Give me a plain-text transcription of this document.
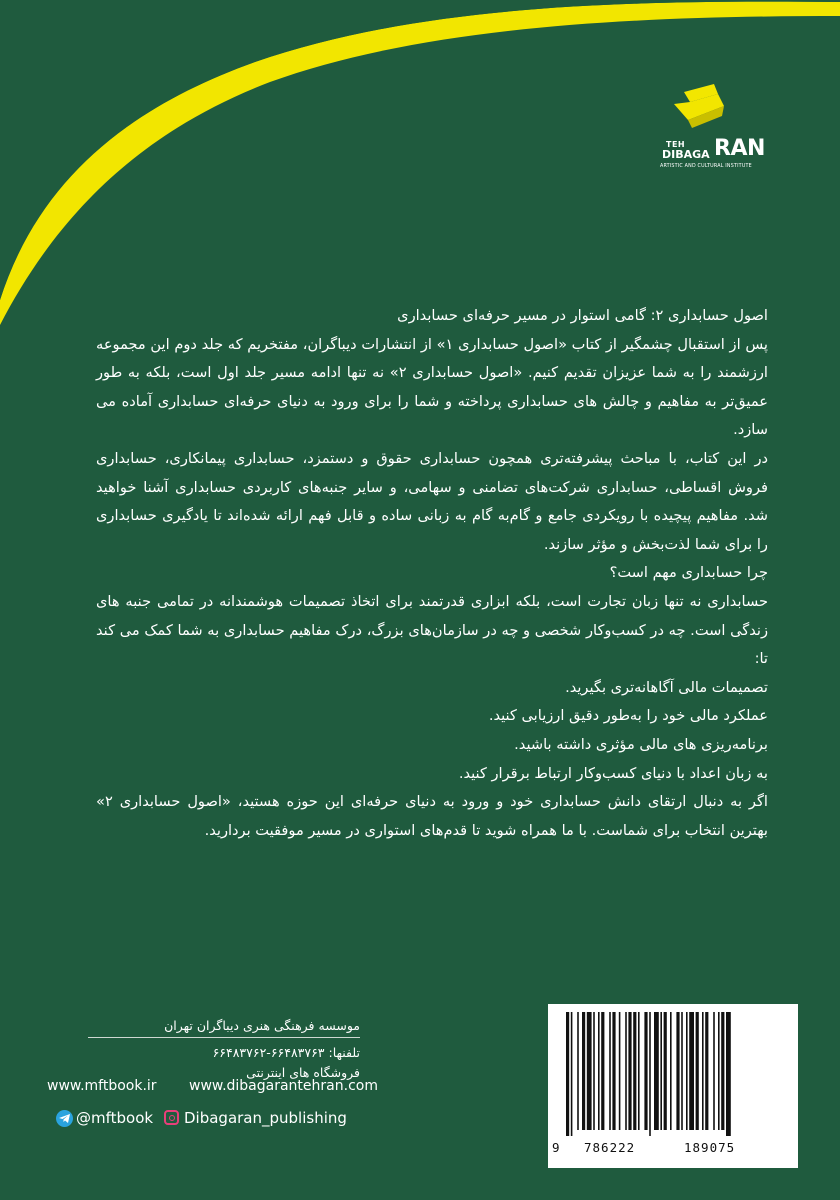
TEH
DIBAGA RAN
ARTISTIC AND CULTURAL INSTITUTE

اصول حسابداری ۲: گامی استوار در مسیر حرفه‌ای حسابداری

پس از استقبال چشمگیر از کتاب «اصول حسابداری ۱» از انتشارات دیباگران، مفتخریم که جلد دوم این مجموعه ارزشمند را به شما عزیزان تقدیم کنیم. «اصول حسابداری ۲» نه تنها ادامه مسیر جلد اول است، بلکه به طور عمیق‌تر به مفاهیم و چالش های حسابداری پرداخته و شما را برای ورود به دنیای حرفه‌ای حسابداری آماده می سازد.

در این کتاب، با مباحث پیشرفته‌تری همچون حسابداری حقوق و دستمزد، حسابداری پیمانکاری، حسابداری فروش اقساطی، حسابداری شرکت‌های تضامنی و سهامی، و سایر جنبه‌های کاربردی حسابداری آشنا خواهید شد. مفاهیم پیچیده با رویکردی جامع و گام‌به گام به زبانی ساده و قابل فهم ارائه شده‌اند تا یادگیری حسابداری را برای شما لذت‌بخش و مؤثر سازند.

چرا حسابداری مهم است؟

حسابداری نه تنها زبان تجارت است، بلکه ابزاری قدرتمند برای اتخاذ تصمیمات هوشمندانه در تمامی جنبه های زندگی است. چه در کسب‌وکار شخصی و چه در سازمان‌های بزرگ، درک مفاهیم حسابداری به شما کمک می کند تا:

تصمیمات مالی آگاهانه‌تری بگیرید.

عملکرد مالی خود را به‌طور دقیق ارزیابی کنید.

برنامه‌ریزی های مالی مؤثری داشته باشید.

به زبان اعداد با دنیای کسب‌وکار ارتباط برقرار کنید.

اگر به دنبال ارتقای دانش حسابداری خود و ورود به دنیای حرفه‌ای این حوزه هستید، «اصول حسابداری ۲» بهترین انتخاب برای شماست. با ما همراه شوید تا قدم‌های استواری در مسیر موفقیت بردارید.

موسسه فرهنگی هنری دیباگران تهران
تلفنها: ۶۶۴۸۳۷۶۳-۶۶۴۸۳۷۶۲
فروشگاه های اینترنتی
www.mftbook.ir www.dibagarantehran.com
@mftbook Dibagaran_publishing
9 786222	189075
